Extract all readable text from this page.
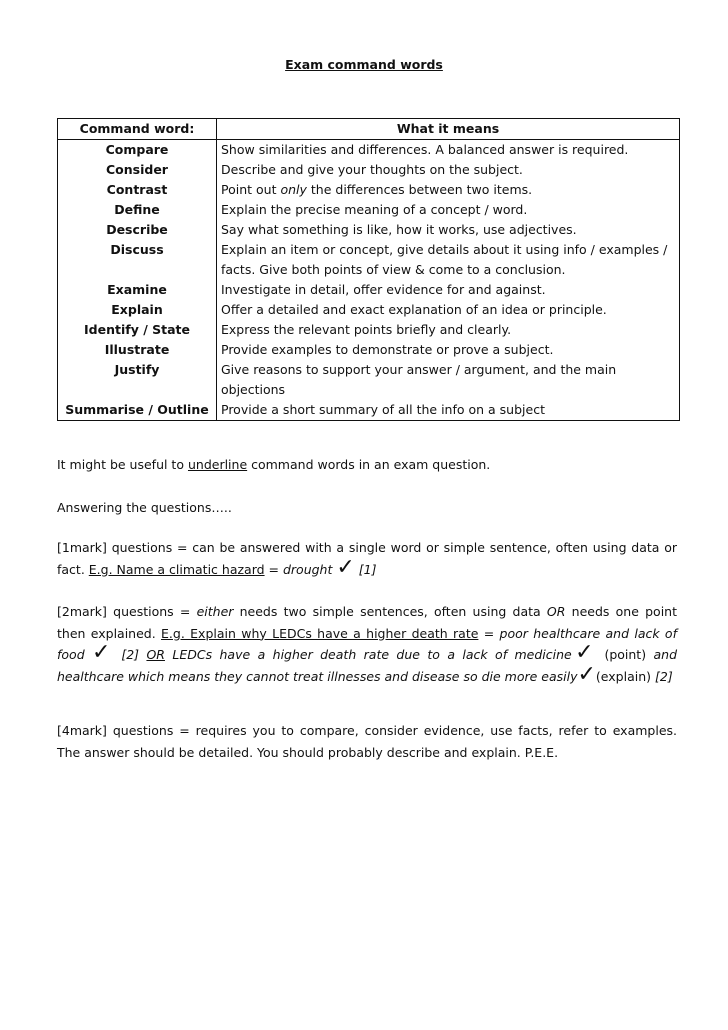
Exam command words
Command word:	What it means
Compare	Show similarities and differences. A balanced answer is required.
Consider	Describe and give your thoughts on the subject.
Contrast	Point out only the differences between two items.
Define	Explain the precise meaning of a concept / word.
Describe	Say what something is like, how it works, use adjectives.
Discuss	Explain an item or concept, give details about it using info / examples / facts. Give both points of view & come to a conclusion.
Examine	Investigate in detail, offer evidence for and against.
Explain	Offer a detailed and exact explanation of an idea or principle.
Identify / State	Express the relevant points briefly and clearly.
Illustrate	Provide examples to demonstrate or prove a subject.
Justify	Give reasons to support your answer / argument, and the main objections
Summarise / Outline	Provide a short summary of all the info on a subject
It might be useful to underline command words in an exam question.
Answering the questions…..
[1mark] questions = can be answered with a single word or simple sentence, often using data or fact. E.g. Name a climatic hazard = drought ✓ [1]
[2mark] questions = either needs two simple sentences, often using data OR needs one point then explained. E.g. Explain why LEDCs have a higher death rate = poor healthcare and lack of food ✓ [2] OR LEDCs have a higher death rate due to a lack of medicine✓ (point) and healthcare which means they cannot treat illnesses and disease so die more easily✓(explain) [2]
[4mark] questions = requires you to compare, consider evidence, use facts, refer to examples. The answer should be detailed. You should probably describe and explain. P.E.E.
